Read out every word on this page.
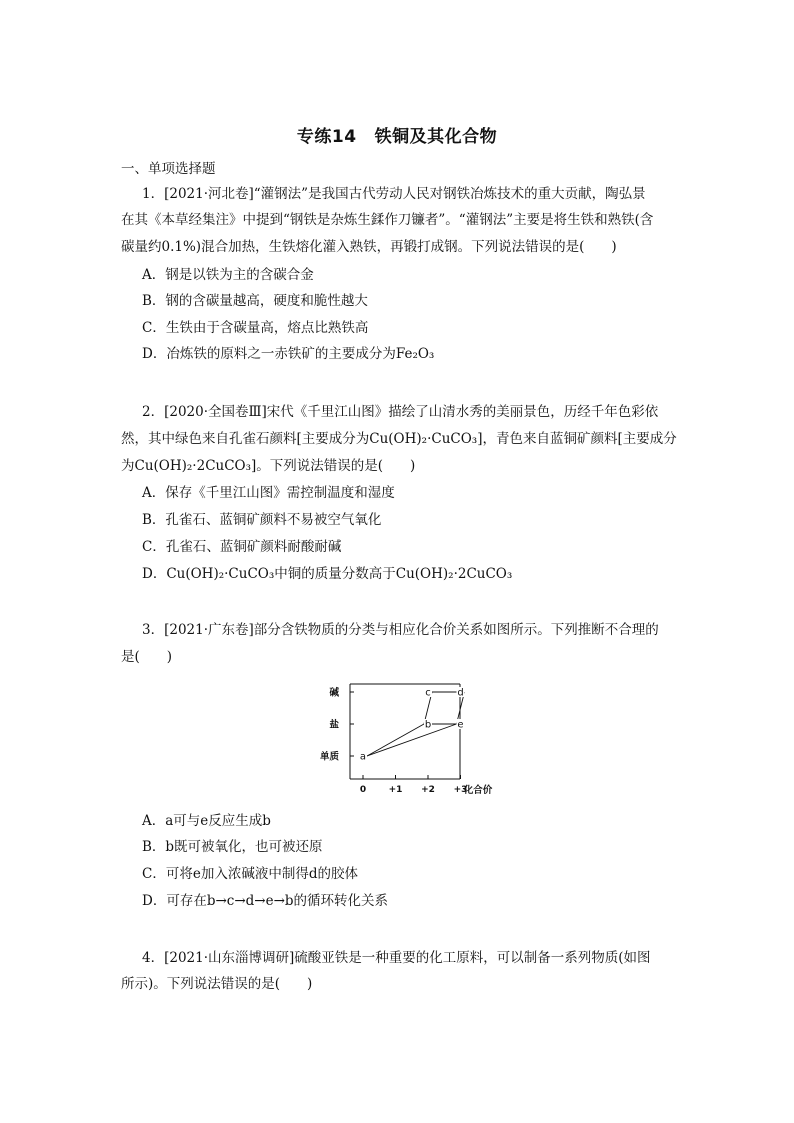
专练14 铁铜及其化合物
一、单项选择题
1．[2021·河北卷]“灌钢法”是我国古代劳动人民对钢铁冶炼技术的重大贡献，陶弘景
在其《本草经集注》中提到“钢铁是杂炼生鍒作刀镰者”。“灌钢法”主要是将生铁和熟铁(含
碳量约0.1%)混合加热，生铁熔化灌入熟铁，再锻打成钢。下列说法错误的是(　　)
A．钢是以铁为主的含碳合金
B．钢的含碳量越高，硬度和脆性越大
C．生铁由于含碳量高，熔点比熟铁高
D．冶炼铁的原料之一赤铁矿的主要成分为Fe₂O₃
2．[2020·全国卷Ⅲ]宋代《千里江山图》描绘了山清水秀的美丽景色，历经千年色彩依
然，其中绿色来自孔雀石颜料[主要成分为Cu(OH)₂·CuCO₃]，青色来自蓝铜矿颜料[主要成分
为Cu(OH)₂·2CuCO₃]。下列说法错误的是(　　)
A．保存《千里江山图》需控制温度和湿度
B．孔雀石、蓝铜矿颜料不易被空气氧化
C．孔雀石、蓝铜矿颜料耐酸耐碱
D．Cu(OH)₂·CuCO₃中铜的质量分数高于Cu(OH)₂·2CuCO₃
3．[2021·广东卷]部分含铁物质的分类与相应化合价关系如图所示。下列推断不合理的
是(　　)
0 +1 +2 +3
化合价
单质
盐
碱
a
b	e
c	d
A．a可与e反应生成b
B．b既可被氧化，也可被还原
C．可将e加入浓碱液中制得d的胶体
D．可存在b→c→d→e→b的循环转化关系
4．[2021·山东淄博调研]硫酸亚铁是一种重要的化工原料，可以制备一系列物质(如图
所示)。下列说法错误的是(　　)
